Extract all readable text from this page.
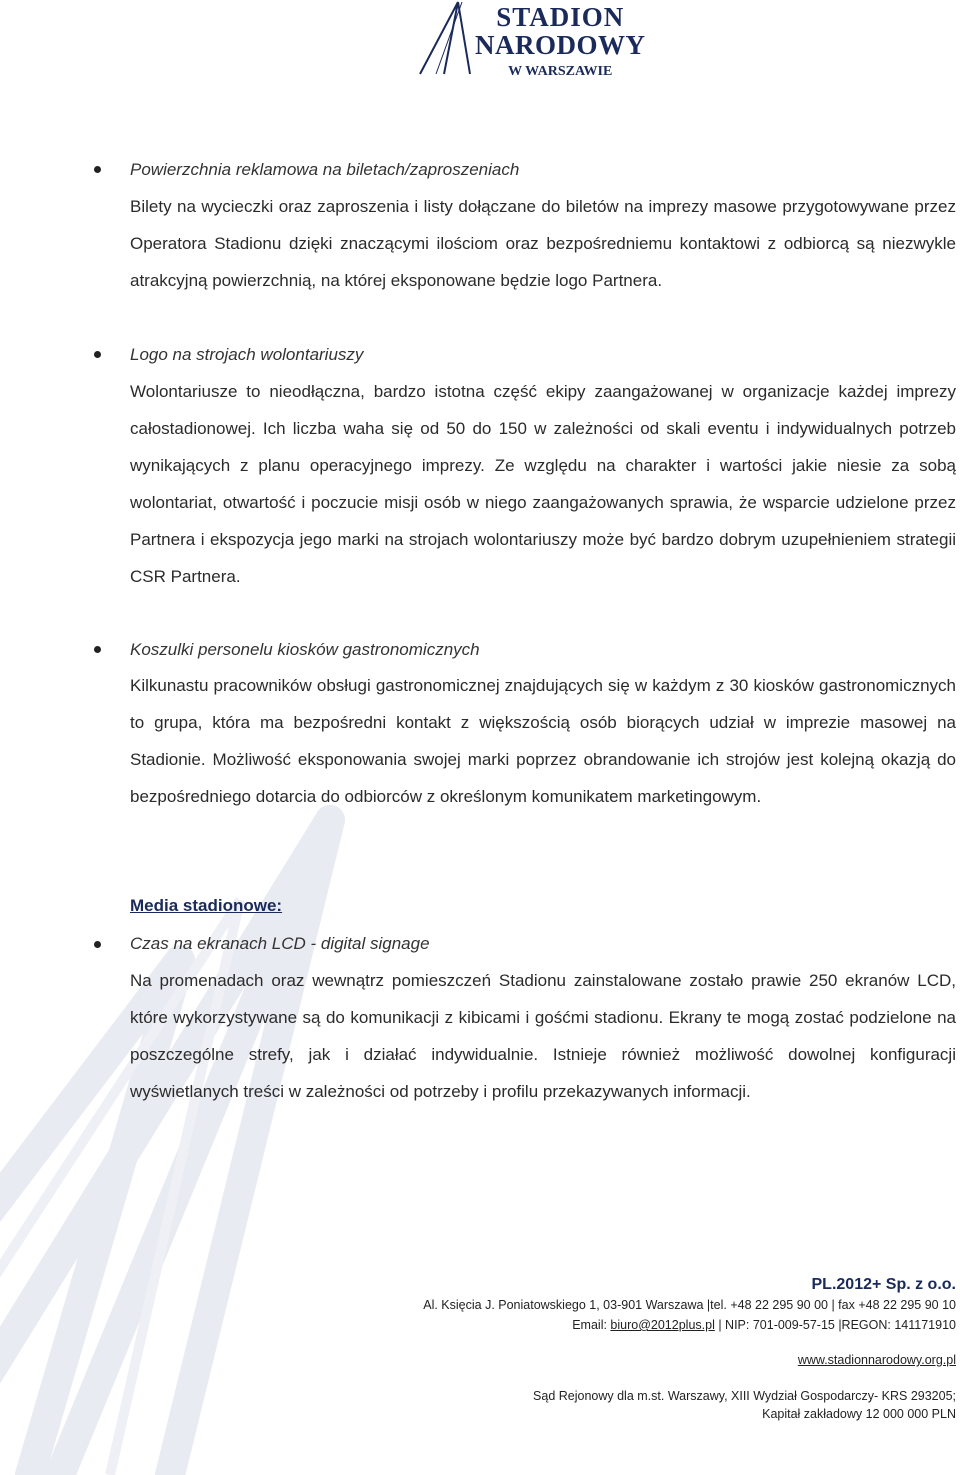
STADION
NARODOWY
W WARSZAWIE
Powierzchnia reklamowa na biletach/zaproszeniach
Bilety na wycieczki oraz zaproszenia i listy dołączane do biletów na imprezy masowe przygotowywane przez Operatora Stadionu dzięki znaczącymi ilościom oraz bezpośredniemu kontaktowi z odbiorcą są niezwykle atrakcyjną powierzchnią, na której eksponowane będzie logo Partnera.
Logo na strojach wolontariuszy
Wolontariusze to nieodłączna, bardzo istotna część ekipy zaangażowanej w organizacje każdej imprezy całostadionowej. Ich liczba waha się od 50 do 150 w zależności od skali eventu i indywidualnych potrzeb wynikających z planu operacyjnego imprezy. Ze względu na charakter i wartości jakie niesie za sobą wolontariat, otwartość i poczucie misji osób w niego zaangażowanych sprawia, że wsparcie udzielone przez Partnera i ekspozycja jego marki na strojach wolontariuszy może być bardzo dobrym uzupełnieniem strategii CSR Partnera.
Koszulki personelu kiosków gastronomicznych
Kilkunastu pracowników obsługi gastronomicznej znajdujących się w każdym z 30 kiosków gastronomicznych to grupa, która ma bezpośredni kontakt z większością osób biorących udział w imprezie masowej na Stadionie. Możliwość eksponowania swojej marki poprzez obrandowanie ich strojów jest kolejną okazją do bezpośredniego dotarcia do odbiorców z określonym komunikatem marketingowym.
Media stadionowe:
Czas na ekranach LCD - digital signage
Na promenadach oraz wewnątrz pomieszczeń Stadionu zainstalowane zostało prawie 250 ekranów LCD, które wykorzystywane są do komunikacji z kibicami i gośćmi stadionu. Ekrany te mogą zostać podzielone na poszczególne strefy, jak i działać indywidualnie. Istnieje również możliwość dowolnej konfiguracji wyświetlanych treści w zależności od potrzeby i profilu przekazywanych informacji.
PL.2012+ Sp. z o.o.
Al. Księcia J. Poniatowskiego 1, 03-901 Warszawa |tel. +48 22 295 90 00 | fax +48 22 295 90 10
Email: biuro@2012plus.pl | NIP: 701-009-57-15 |REGON: 141171910
www.stadionnarodowy.org.pl
Sąd Rejonowy dla m.st. Warszawy, XIII Wydział Gospodarczy- KRS 293205;
Kapitał zakładowy 12 000 000 PLN
